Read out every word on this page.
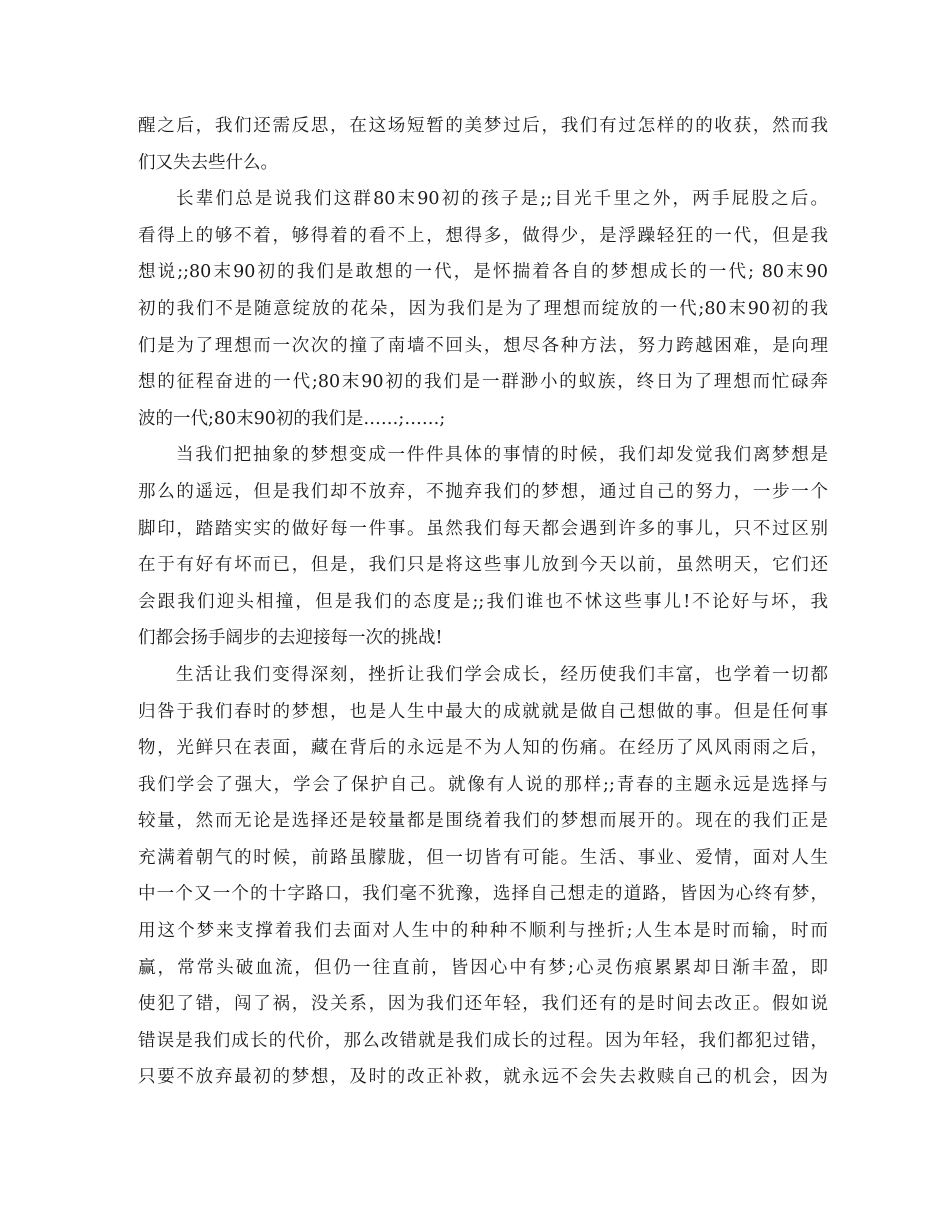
醒之后，我们还需反思，在这场短暂的美梦过后，我们有过怎样的的收获，然而我
们又失去些什么。
长辈们总是说我们这群80末90初的孩子是;;目光千里之外，两手屁股之后。
看得上的够不着，够得着的看不上，想得多，做得少，是浮躁轻狂的一代，但是我
想说;;80末90初的我们是敢想的一代，是怀揣着各自的梦想成长的一代; 80末90
初的我们不是随意绽放的花朵，因为我们是为了理想而绽放的一代;80末90初的我
们是为了理想而一次次的撞了南墙不回头，想尽各种方法，努力跨越困难，是向理
想的征程奋进的一代;80末90初的我们是一群渺小的蚁族，终日为了理想而忙碌奔
波的一代;80末90初的我们是……;……;
当我们把抽象的梦想变成一件件具体的事情的时候，我们却发觉我们离梦想是
那么的遥远，但是我们却不放弃，不抛弃我们的梦想，通过自己的努力，一步一个
脚印，踏踏实实的做好每一件事。虽然我们每天都会遇到许多的事儿，只不过区别
在于有好有坏而已，但是，我们只是将这些事儿放到今天以前，虽然明天，它们还
会跟我们迎头相撞，但是我们的态度是;;我们谁也不怵这些事儿!不论好与坏，我
们都会扬手阔步的去迎接每一次的挑战!
生活让我们变得深刻，挫折让我们学会成长，经历使我们丰富，也学着一切都
归咎于我们春时的梦想，也是人生中最大的成就就是做自己想做的事。但是任何事
物，光鲜只在表面，藏在背后的永远是不为人知的伤痛。在经历了风风雨雨之后，
我们学会了强大，学会了保护自己。就像有人说的那样;;青春的主题永远是选择与
较量，然而无论是选择还是较量都是围绕着我们的梦想而展开的。现在的我们正是
充满着朝气的时候，前路虽朦胧，但一切皆有可能。生活、事业、爱情，面对人生
中一个又一个的十字路口，我们毫不犹豫，选择自己想走的道路，皆因为心终有梦，
用这个梦来支撑着我们去面对人生中的种种不顺利与挫折;人生本是时而输，时而
赢，常常头破血流，但仍一往直前，皆因心中有梦;心灵伤痕累累却日渐丰盈，即
使犯了错，闯了祸，没关系，因为我们还年轻，我们还有的是时间去改正。假如说
错误是我们成长的代价，那么改错就是我们成长的过程。因为年轻，我们都犯过错，
只要不放弃最初的梦想，及时的改正补救，就永远不会失去救赎自己的机会，因为
